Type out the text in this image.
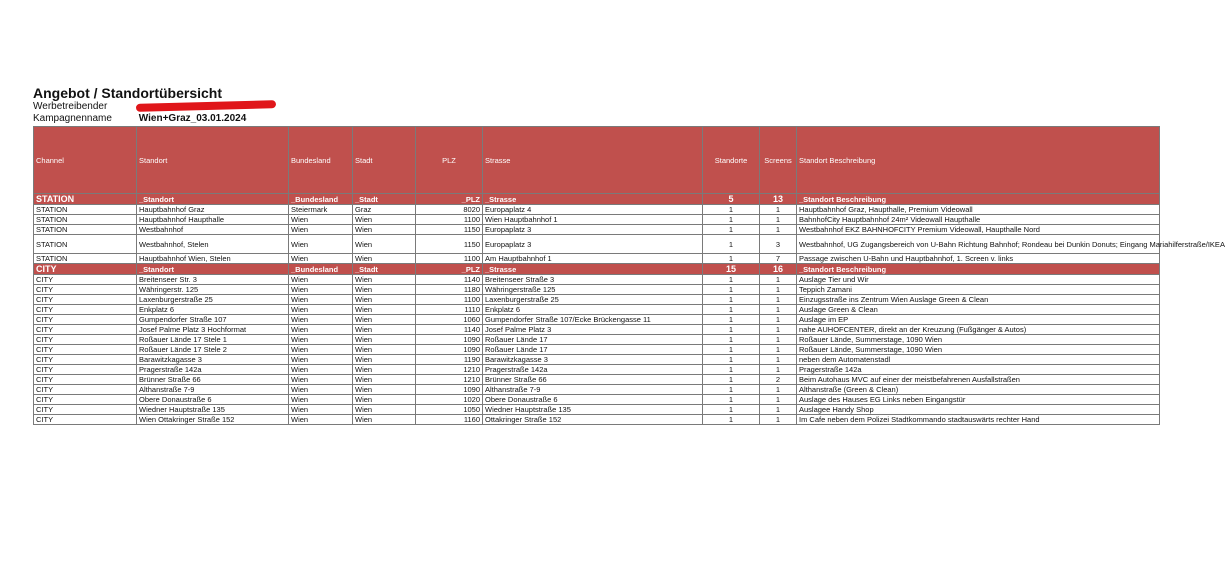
Angebot / Standortübersicht
Werbetreibender
Kampagnenname	Wien+Graz_03.01.2024
Channel	Standort	Bundesland	Stadt	PLZ	Strasse	Standorte	Screens	Standort Beschreibung
STATION	_Standort	_Bundesland	_Stadt	_PLZ	_Strasse	5	13	_Standort Beschreibung
STATION	Hauptbahnhof Graz	Steiermark	Graz	8020	Europaplatz 4	1	1	Hauptbahnhof Graz, Haupthalle, Premium Videowall
STATION	Hauptbahnhof Haupthalle	Wien	Wien	1100	Wien Hauptbahnhof 1	1	1	BahnhofCity Hauptbahnhof 24m² Videowall Haupthalle
STATION	Westbahnhof	Wien	Wien	1150	Europaplatz 3	1	1	Westbahnhof EKZ BAHNHOFCITY Premium Videowall, Haupthalle Nord
STATION	Westbahnhof, Stelen	Wien	Wien	1150	Europaplatz 3	1	3	Westbahnhof, UG Zugangsbereich von U-Bahn Richtung Bahnhof; Rondeau bei Dunkin Donuts; Eingang Mariahilferstraße/IKEA
STATION	Hauptbahnhof Wien, Stelen	Wien	Wien	1100	Am Hauptbahnhof 1	1	7	Passage zwischen U-Bahn und Hauptbahnhof, 1. Screen v. links
CITY	_Standort	_Bundesland	_Stadt	_PLZ	_Strasse	15	16	_Standort Beschreibung
CITY	Breitenseer Str. 3	Wien	Wien	1140	Breitenseer Straße 3	1	1	Auslage Tier und Wir
CITY	Währingerstr. 125	Wien	Wien	1180	Währingerstraße 125	1	1	Teppich Zamani
CITY	Laxenburgerstraße 25	Wien	Wien	1100	Laxenburgerstraße 25	1	1	Einzugsstraße ins Zentrum Wien Auslage Green & Clean
CITY	Enkplatz 6	Wien	Wien	1110	Enkplatz 6	1	1	Auslage Green & Clean
CITY	Gumpendorfer Straße 107	Wien	Wien	1060	Gumpendorfer Straße 107/Ecke Brückengasse 11	1	1	Auslage im EP
CITY	Josef Palme Platz 3 Hochformat	Wien	Wien	1140	Josef Palme Platz 3	1	1	nahe AUHOFCENTER, direkt an der Kreuzung (Fußgänger & Autos)
CITY	Roßauer Lände 17 Stele 1	Wien	Wien	1090	Roßauer Lände 17	1	1	Roßauer Lände, Summerstage, 1090 Wien
CITY	Roßauer Lände 17 Stele 2	Wien	Wien	1090	Roßauer Lände 17	1	1	Roßauer Lände, Summerstage, 1090 Wien
CITY	Barawitzkagasse 3	Wien	Wien	1190	Barawitzkagasse 3	1	1	neben dem Automatenstadl
CITY	Pragerstraße 142a	Wien	Wien	1210	Pragerstraße 142a	1	1	Pragerstraße 142a
CITY	Brünner Straße 66	Wien	Wien	1210	Brünner Straße 66	1	2	Beim Autohaus MVC auf einer der meistbefahrenen Ausfallstraßen
CITY	Althanstraße 7-9	Wien	Wien	1090	Althanstraße 7-9	1	1	Althanstraße (Green & Clean)
CITY	Obere Donaustraße 6	Wien	Wien	1020	Obere Donaustraße 6	1	1	Auslage des Hauses EG Links neben Eingangstür
CITY	Wiedner Hauptstraße 135	Wien	Wien	1050	Wiedner Hauptstraße 135	1	1	Auslagee Handy Shop
CITY	Wien Ottakringer Straße 152	Wien	Wien	1160	Ottakringer Straße 152	1	1	Im Cafe neben dem Polizei Stadtkommando stadtauswärts rechter Hand
